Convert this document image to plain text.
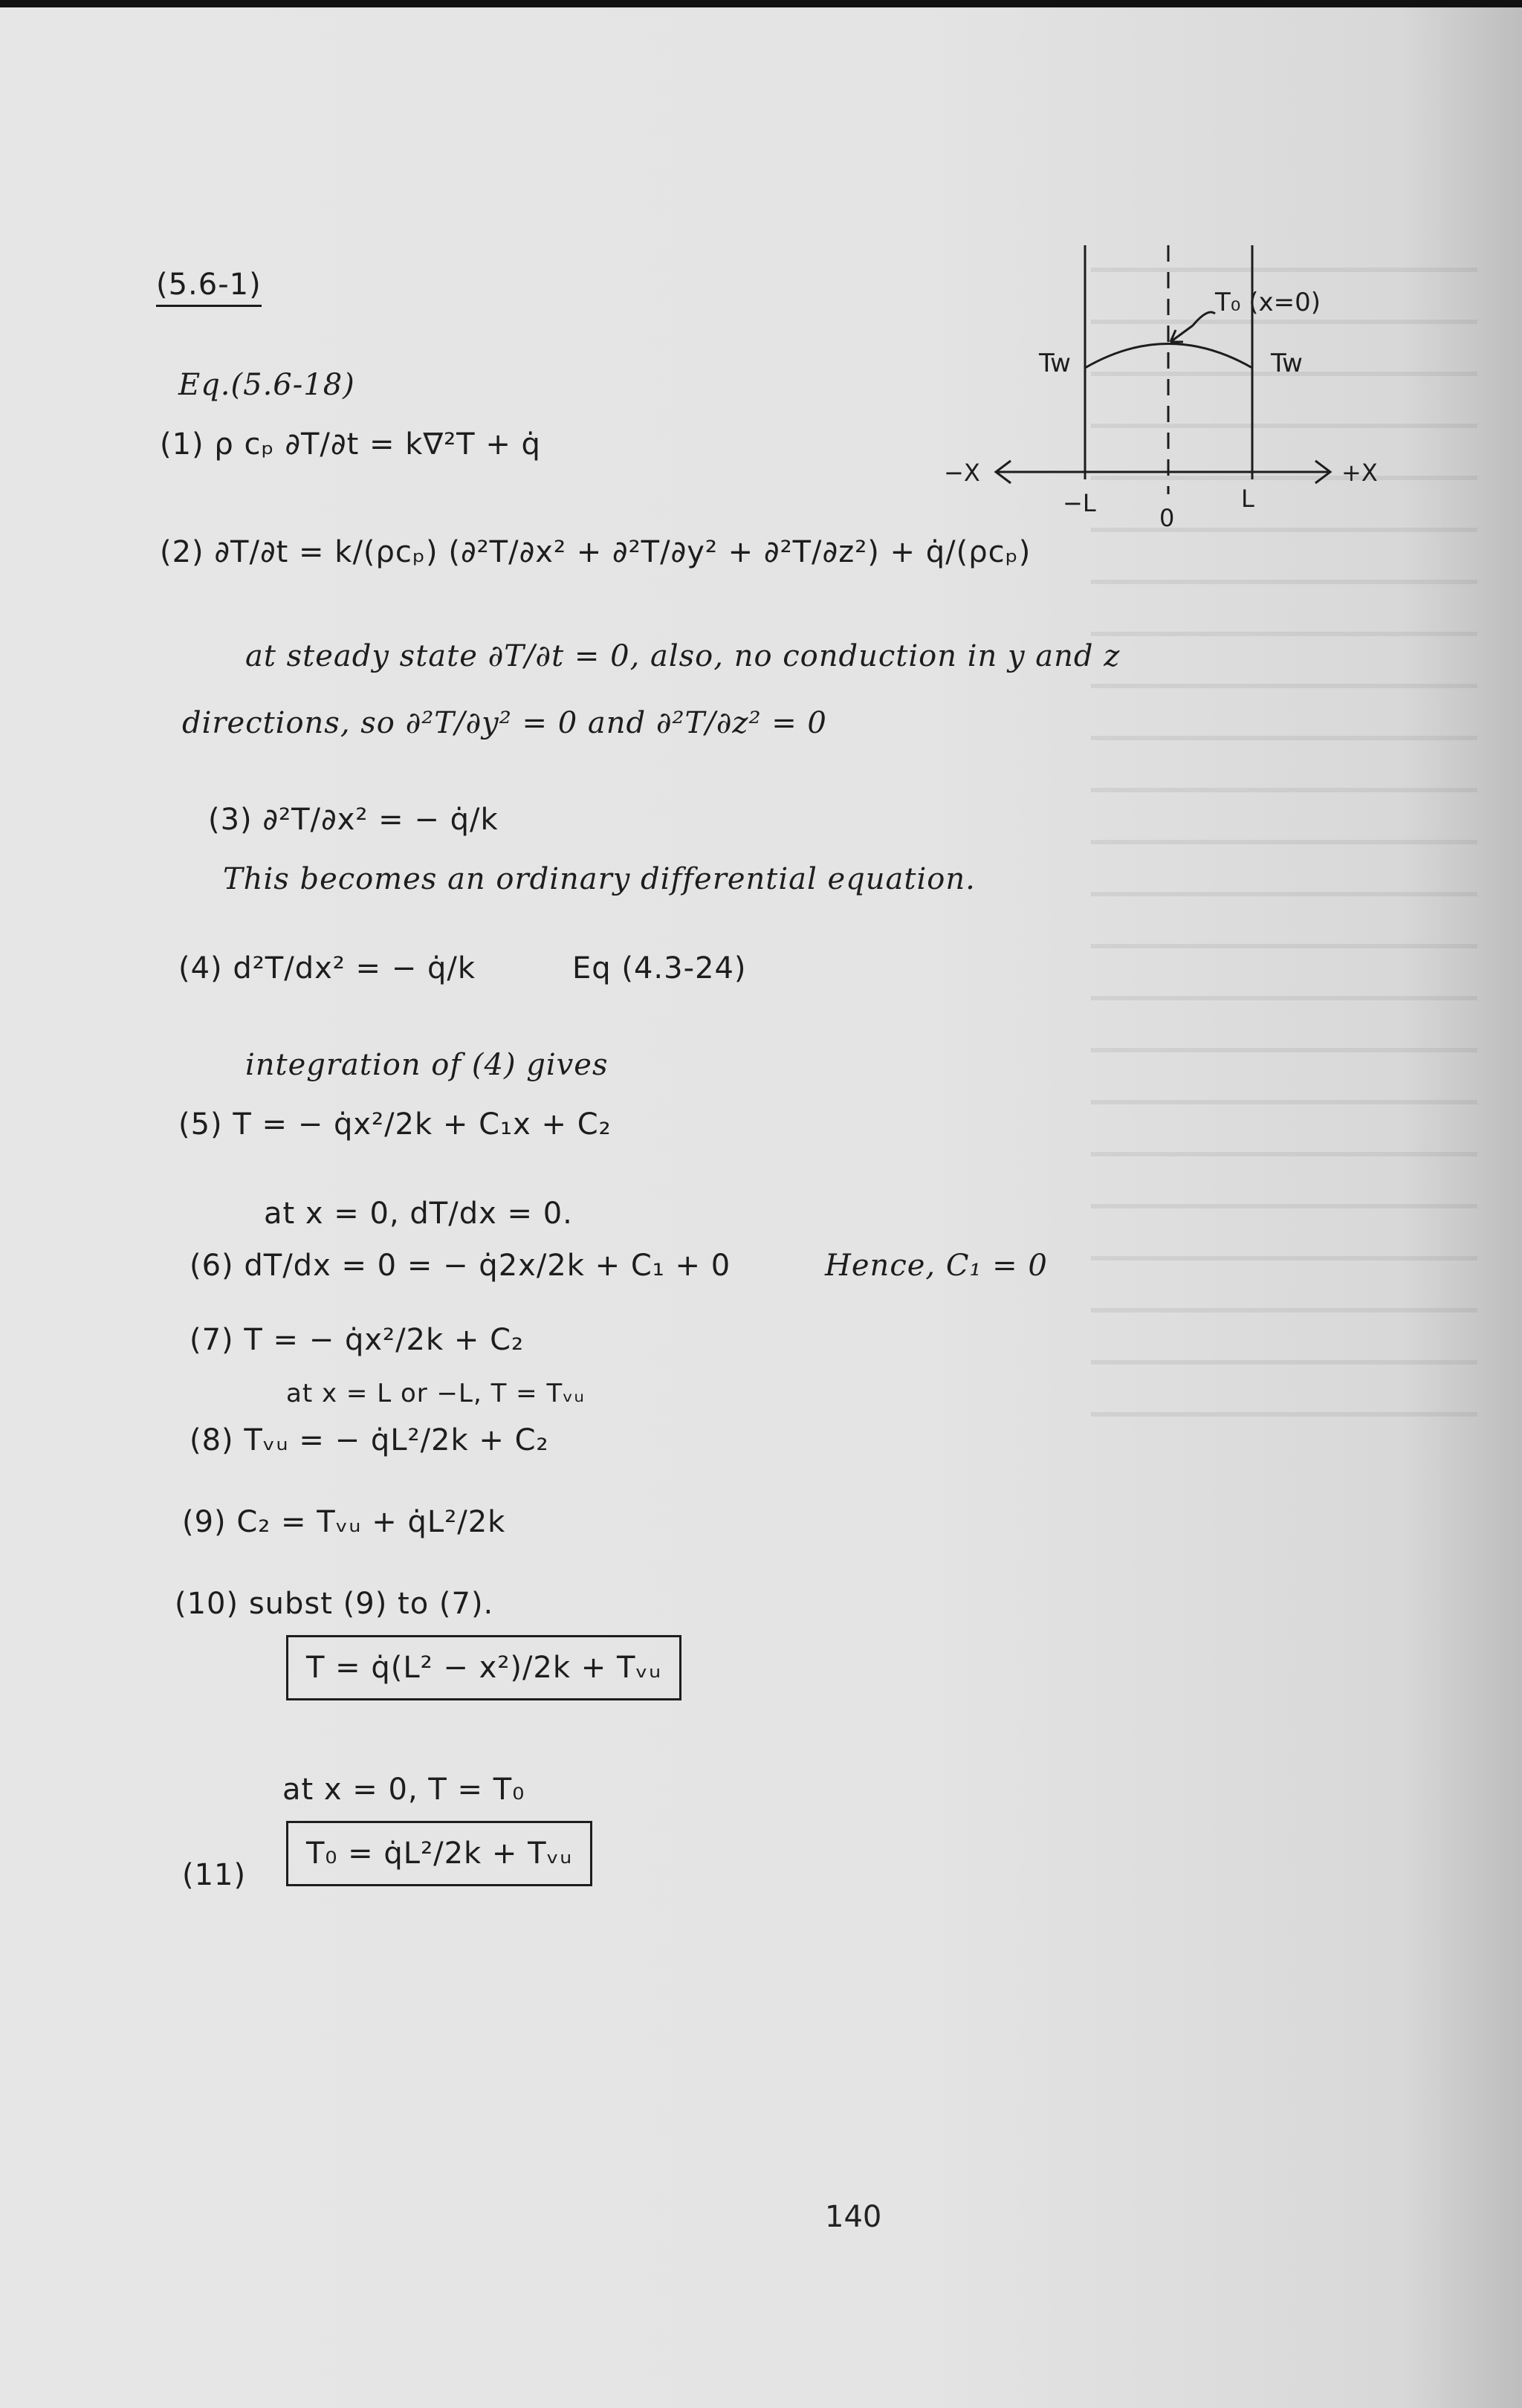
(5.6-1)
Eq.(5.6-18)
(1) ρ cₚ ∂T/∂t = k∇²T + q̇
(2) ∂T/∂t = k/(ρcₚ) (∂²T/∂x² + ∂²T/∂y² + ∂²T/∂z²) + q̇/(ρcₚ)
at steady state ∂T/∂t = 0, also, no conduction in y and z
directions, so ∂²T/∂y² = 0 and ∂²T/∂z² = 0
(3) ∂²T/∂x² = − q̇/k
This becomes an ordinary differential equation.
(4) d²T/dx² = − q̇/k	Eq (4.3-24)
integration of (4) gives
(5) T = − q̇x²/2k + C₁x + C₂
at x = 0, dT/dx = 0.
(6) dT/dx = 0 = − q̇2x/2k + C₁ + 0	Hence, C₁ = 0
(7) T = − q̇x²/2k + C₂
at x = L or −L, T = Tᵥᵤ
(8) Tᵥᵤ = − q̇L²/2k + C₂
(9) C₂ = Tᵥᵤ + q̇L²/2k
(10) subst (9) to (7).
T = q̇(L² − x²)/2k + Tᵥᵤ
at x = 0, T = T₀
(11)
T₀ = q̇L²/2k + Tᵥᵤ
T₀ (x=0)
Tw	Tw
−X	+X
−L
0
L
140
